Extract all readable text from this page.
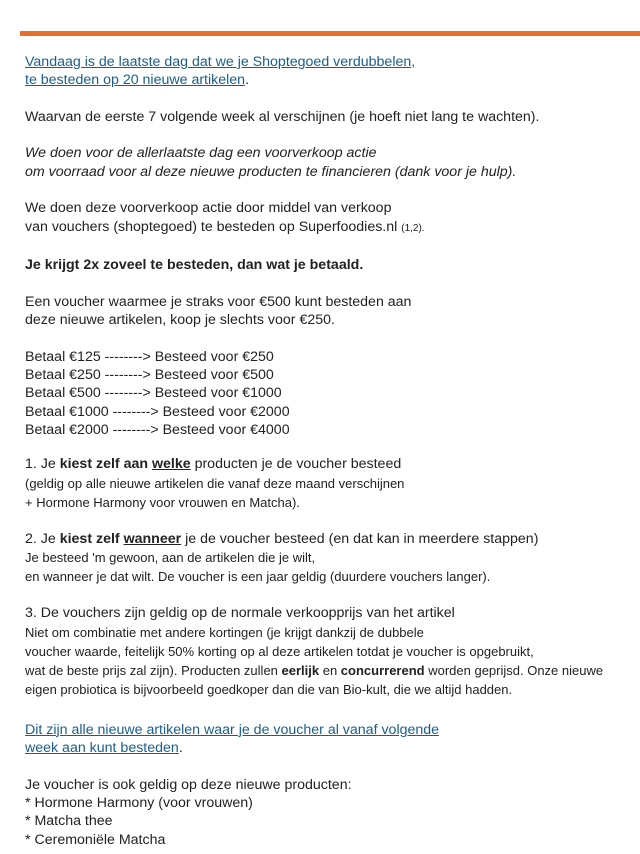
Vandaag is de laatste dag dat we je Shoptegoed verdubbelen,
te besteden op 20 nieuwe artikelen.

Waarvan de eerste 7 volgende week al verschijnen (je hoeft niet lang te wachten).

We doen voor de allerlaatste dag een voorverkoop actie
om voorraad voor al deze nieuwe producten te financieren (dank voor je hulp).

We doen deze voorverkoop actie door middel van verkoop
van vouchers (shoptegoed) te besteden op Superfoodies.nl (1,2).

Je krijgt 2x zoveel te besteden, dan wat je betaald.

Een voucher waarmee je straks voor €500 kunt besteden aan
deze nieuwe artikelen, koop je slechts voor €250.

Betaal €125 --------> Besteed voor €250
Betaal €250 --------> Besteed voor €500
Betaal €500 --------> Besteed voor €1000
Betaal €1000 --------> Besteed voor €2000
Betaal €2000 --------> Besteed voor €4000

1. Je kiest zelf aan welke producten je de voucher besteed

(geldig op alle nieuwe artikelen die vanaf deze maand verschijnen
+ Hormone Harmony voor vrouwen en Matcha).

2. Je kiest zelf wanneer je de voucher besteed (en dat kan in meerdere stappen)

Je besteed 'm gewoon, aan de artikelen die je wilt,
en wanneer je dat wilt. De voucher is een jaar geldig (duurdere vouchers langer).

3. De vouchers zijn geldig op de normale verkoopprijs van het artikel

Niet om combinatie met andere kortingen (je krijgt dankzij de dubbele
voucher waarde, feitelijk 50% korting op al deze artikelen totdat je voucher is opgebruikt,
wat de beste prijs zal zijn). Producten zullen eerlijk en concurrerend worden geprijsd. Onze nieuwe
eigen probiotica is bijvoorbeeld goedkoper dan die van Bio-kult, die we altijd hadden.

Dit zijn alle nieuwe artikelen waar je de voucher al vanaf volgende
week aan kunt besteden.

Je voucher is ook geldig op deze nieuwe producten:

* Hormone Harmony (voor vrouwen)
* Matcha thee
* Ceremoniële Matcha
